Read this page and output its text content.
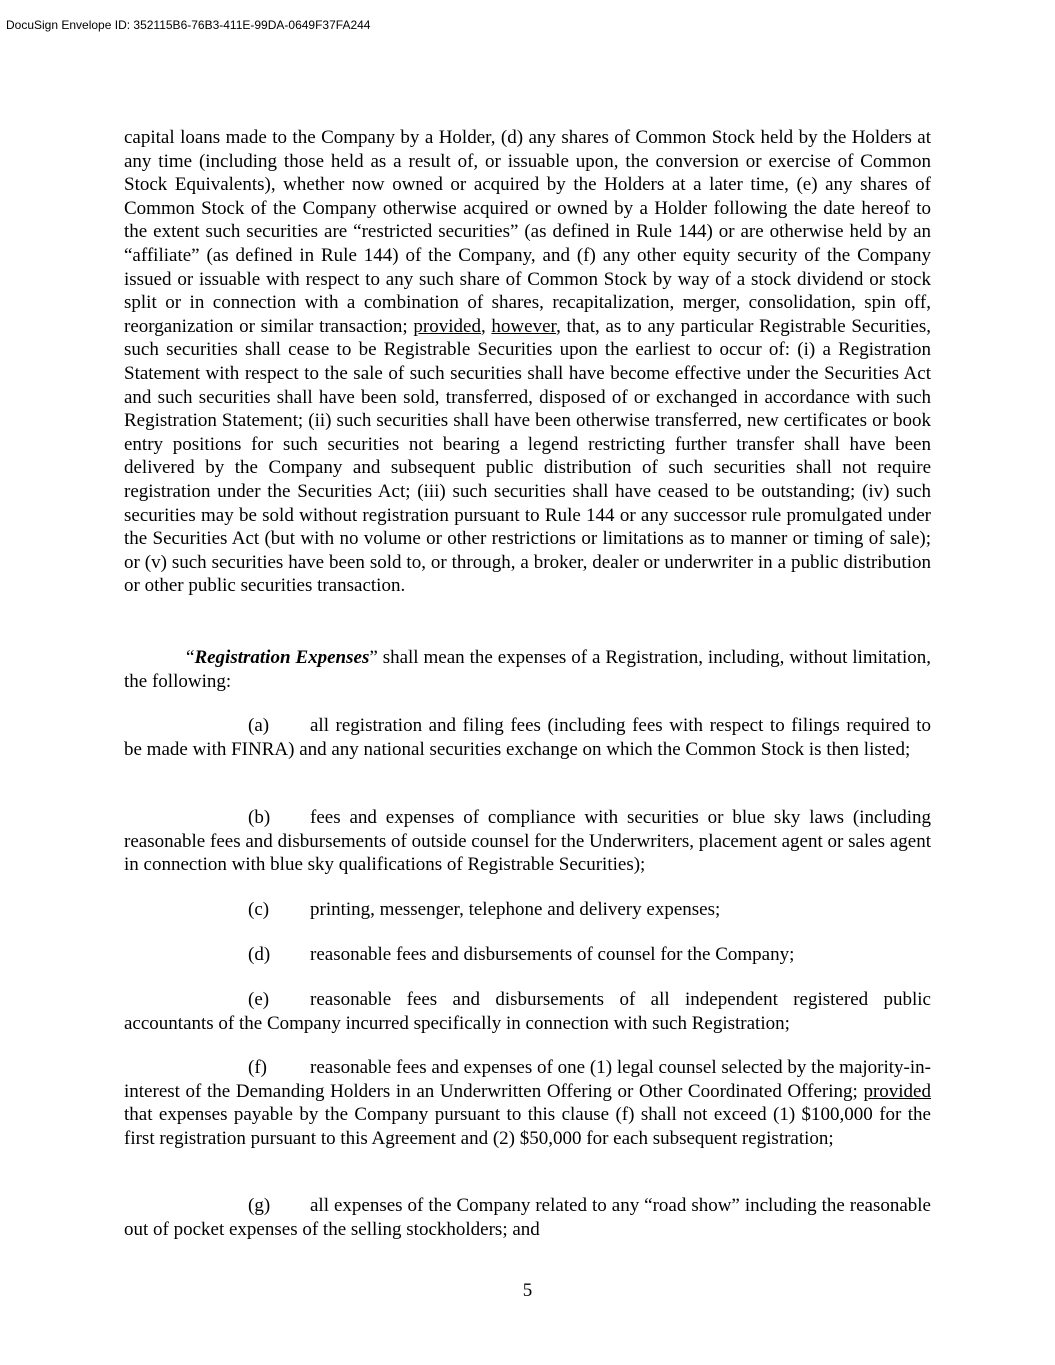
DocuSign Envelope ID: 352115B6-76B3-411E-99DA-0649F37FA244

capital loans made to the Company by a Holder, (d) any shares of Common Stock held by the Holders at any time (including those held as a result of, or issuable upon, the conversion or exercise of Common Stock Equivalents), whether now owned or acquired by the Holders at a later time, (e) any shares of Common Stock of the Company otherwise acquired or owned by a Holder following the date hereof to the extent such securities are “restricted securities” (as defined in Rule 144) or are otherwise held by an “affiliate” (as defined in Rule 144) of the Company, and (f) any other equity security of the Company issued or issuable with respect to any such share of Common Stock by way of a stock dividend or stock split or in connection with a combination of shares, recapitalization, merger, consolidation, spin off, reorganization or similar transaction; provided, however, that, as to any particular Registrable Securities, such securities shall cease to be Registrable Securities upon the earliest to occur of: (i) a Registration Statement with respect to the sale of such securities shall have become effective under the Securities Act and such securities shall have been sold, transferred, disposed of or exchanged in accordance with such Registration Statement; (ii) such securities shall have been otherwise transferred, new certificates or book entry positions for such securities not bearing a legend restricting further transfer shall have been delivered by the Company and subsequent public distribution of such securities shall not require registration under the Securities Act; (iii) such securities shall have ceased to be outstanding; (iv) such securities may be sold without registration pursuant to Rule 144 or any successor rule promulgated under the Securities Act (but with no volume or other restrictions or limitations as to manner or timing of sale); or (v) such securities have been sold to, or through, a broker, dealer or underwriter in a public distribution or other public securities transaction.

“Registration Expenses” shall mean the expenses of a Registration, including, without limitation, the following:

(a) all registration and filing fees (including fees with respect to filings required to be made with FINRA) and any national securities exchange on which the Common Stock is then listed;

(b) fees and expenses of compliance with securities or blue sky laws (including reasonable fees and disbursements of outside counsel for the Underwriters, placement agent or sales agent in connection with blue sky qualifications of Registrable Securities);

(c) printing, messenger, telephone and delivery expenses;

(d) reasonable fees and disbursements of counsel for the Company;

(e) reasonable fees and disbursements of all independent registered public accountants of the Company incurred specifically in connection with such Registration;

(f) reasonable fees and expenses of one (1) legal counsel selected by the majority-in-interest of the Demanding Holders in an Underwritten Offering or Other Coordinated Offering; provided that expenses payable by the Company pursuant to this clause (f) shall not exceed (1) $100,000 for the first registration pursuant to this Agreement and (2) $50,000 for each subsequent registration;

(g) all expenses of the Company related to any “road show” including the reasonable out of pocket expenses of the selling stockholders; and

5
